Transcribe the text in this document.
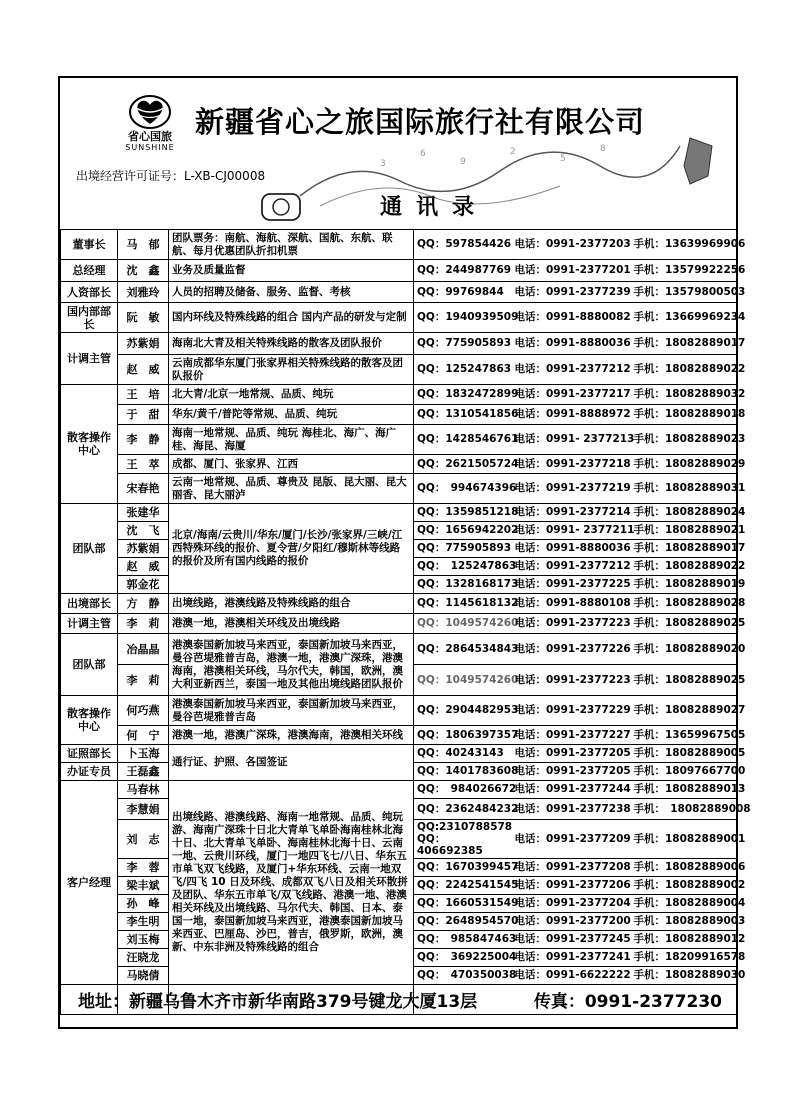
省心国旅
SUNSHINE
新疆省心之旅国际旅行社有限公司
出境经营许可证号：L-XB-CJ00008
3
6
9
2
5
8
通讯录
董事长	马　郁	团队票务：南航、海航、深航、国航、东航、联航、每月优惠团队折扣机票	QQ：597854426	电话：0991-2377203	手机：13639969906
总经理	沈　鑫	业务及质量监督	QQ：244987769	电话：0991-2377201	手机：13579922256
人资部长	刘雅玲	人员的招聘及储备、服务、监督、考核	QQ：99769844	电话：0991-2377239	手机：13579800503
国内部部长	阮　敏	国内环线及特殊线路的组合 国内产品的研发与定制	QQ：1940939509	电话：0991-8880082	手机：13669969234
计调主管	苏紫娟	海南北大青及相关特殊线路的散客及团队报价	QQ：775905893	电话：0991-8880036	手机：18082889017
	赵　威	云南成都华东厦门张家界相关特殊线路的散客及团队报价	QQ：125247863	电话：0991-2377212	手机：18082889022
散客操作中心	王　培	北大青/北京一地常规、品质、纯玩	QQ：1832472899	电话：0991-2377217	手机：18082889032
	于　甜	华东/黄千/普陀等常规、品质、纯玩	QQ：1310541856	电话：0991-8888972	手机：18082889018
	李　静	海南一地常规、品质、纯玩 海桂北、海广、海广桂、海昆、海厦	QQ：1428546761	电话：0991- 2377213	手机：18082889023
	王　萃	成都、厦门、张家界、江西	QQ：2621505724	电话：0991-2377218	手机：18082889029
	宋春艳	云南一地常规、品质、尊贵及 昆版、昆大丽、昆大丽香、昆大丽泸	QQ：　994674396	电话：0991-2377219	手机：18082889031
团队部	张建华	北京/海南/云贵川/华东/厦门/长沙/张家界/三峡/江西特殊环线的报价、夏令营/夕阳红/穆斯林等线路的报价及所有国内线路的报价	QQ：1359851218	电话：0991-2377214	手机：18082889024
	沈　飞		QQ：1656942202	电话：0991- 2377211	手机：18082889021
	苏紫娟		QQ：775905893	电话：0991-8880036	手机：18082889017
	赵　威		QQ：　125247863	电话：0991-2377212	手机：18082889022
	郭金花		QQ：1328168173	电话：0991-2377225	手机：18082889019
出境部长	方　静	出境线路，港澳线路及特殊线路的组合	QQ：1145618132	电话：0991-8880108	手机：18082889028
计调主管	李　莉	港澳一地，港澳相关环线及出境线路	QQ：1049574260	电话：0991-2377223	手机：18082889025
团队部	冶晶晶	港澳泰国新加坡马来西亚，泰国新加坡马来西亚，曼谷芭堤雅普吉岛，港澳一地，港澳广深珠，港澳海南，港澳相关环线，马尔代夫，韩国，欧洲，澳大利亚新西兰，泰国一地及其他出境线路团队报价	QQ：2864534843	电话：0991-2377226	手机：18082889020
	李　莉		QQ：1049574260	电话：0991-2377223	手机：18082889025
散客操作中心	何巧燕	港澳泰国新加坡马来西亚，泰国新加坡马来西亚，曼谷芭堤雅普吉岛	QQ：2904482953	电话：0991-2377229	手机：18082889027
	何　宁	港澳一地，港澳广深珠，港澳海南，港澳相关环线	QQ：1806397357	电话：0991-2377227	手机：13659967505
证照部长	卜玉海	通行证、护照、各国签证	QQ：40243143	电话：0991-2377205	手机：18082889005
办证专员	王磊鑫		QQ：1401783608	电话：0991-2377205	手机：18097667700
客户经理	马春林	出境线路、港澳线路、海南一地常规、品质、纯玩游、海南广深珠十日北大青单飞单卧海南桂林北海十日、北大青单飞单卧、海南桂林北海十日、云南一地、云贵川环线，厦门一地四飞七/八日、华东五市单飞双飞线路，及厦门+华东环线、云南一地双飞/四飞 10 日及环线、成都双飞八日及相关环散拼及团队、华东五市单飞/双飞线路、港澳一地、港澳相关环线及出境线路、马尔代夫、韩国、日本、泰国一地，泰国新加坡马来西亚，港澳泰国新加坡马来西亚、巴厘岛、沙巴，普吉，俄罗斯，欧洲，澳新、中东非洲及特殊线路的组合	QQ：　984026672	电话：0991-2377244	手机：18082889013
	李慧娟		QQ：2362484232	电话：0991-2377238	手机：　18082889008
	刘　志		QQ:2310788578 QQ：406692385	电话：0991-2377209	手机：18082889001
	李　蓉		QQ：1670399457	电话：0991-2377208	手机：18082889006
	梁丰斌		QQ：2242541545	电话：0991-2377206	手机：18082889002
	孙　峰		QQ：1660531549	电话：0991-2377204	手机：18082889004
	李生明		QQ：2648954570	电话：0991-2377200	手机：18082889003
	刘玉梅		QQ：　985847463	电话：0991-2377245	手机：18082889012
	汪晓龙		QQ：　369225004	电话：0991-2377241	手机：18209916578
	马晓倩		QQ：　470350038	电话：0991-6622222	手机：18082889030

地址：新疆乌鲁木齐市新华南路379号键龙大厦13层	传真：0991-2377230
